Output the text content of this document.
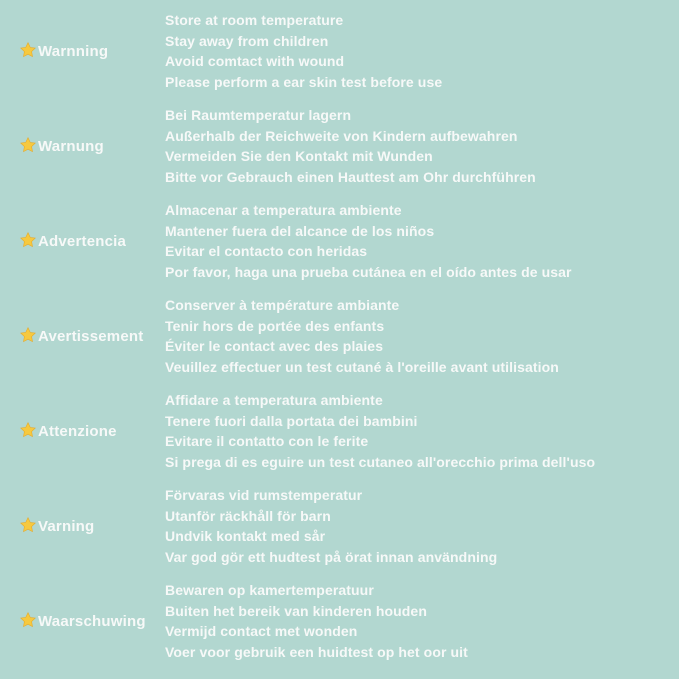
Warnning
Store at room temperature
Stay away from children
Avoid comtact with wound
Please perform a ear skin test before use
Warnung
Bei Raumtemperatur lagern
Außerhalb der Reichweite von Kindern aufbewahren
Vermeiden Sie den Kontakt mit Wunden
Bitte vor Gebrauch einen Hauttest am Ohr durchführen
Advertencia
Almacenar a temperatura ambiente
Mantener fuera del alcance de los niños
Evitar el contacto con heridas
Por favor, haga una prueba cutánea en el oído antes de usar
Avertissement
Conserver à température ambiante
Tenir hors de portée des enfants
Éviter le contact avec des plaies
Veuillez effectuer un test cutané à l'oreille avant utilisation
Attenzione
Affidare a temperatura ambiente
Tenere fuori dalla portata dei bambini
Evitare il contatto con le ferite
Si prega di es eguire un test cutaneo all'orecchio prima dell'uso
Varning
Förvaras vid rumstemperatur
Utanför räckhåll för barn
Undvik kontakt med sår
Var god gör ett hudtest på örat innan användning
Waarschuwing
Bewaren op kamertemperatuur
Buiten het bereik van kinderen houden
Vermijd contact met wonden
Voer voor gebruik een huidtest op het oor uit
